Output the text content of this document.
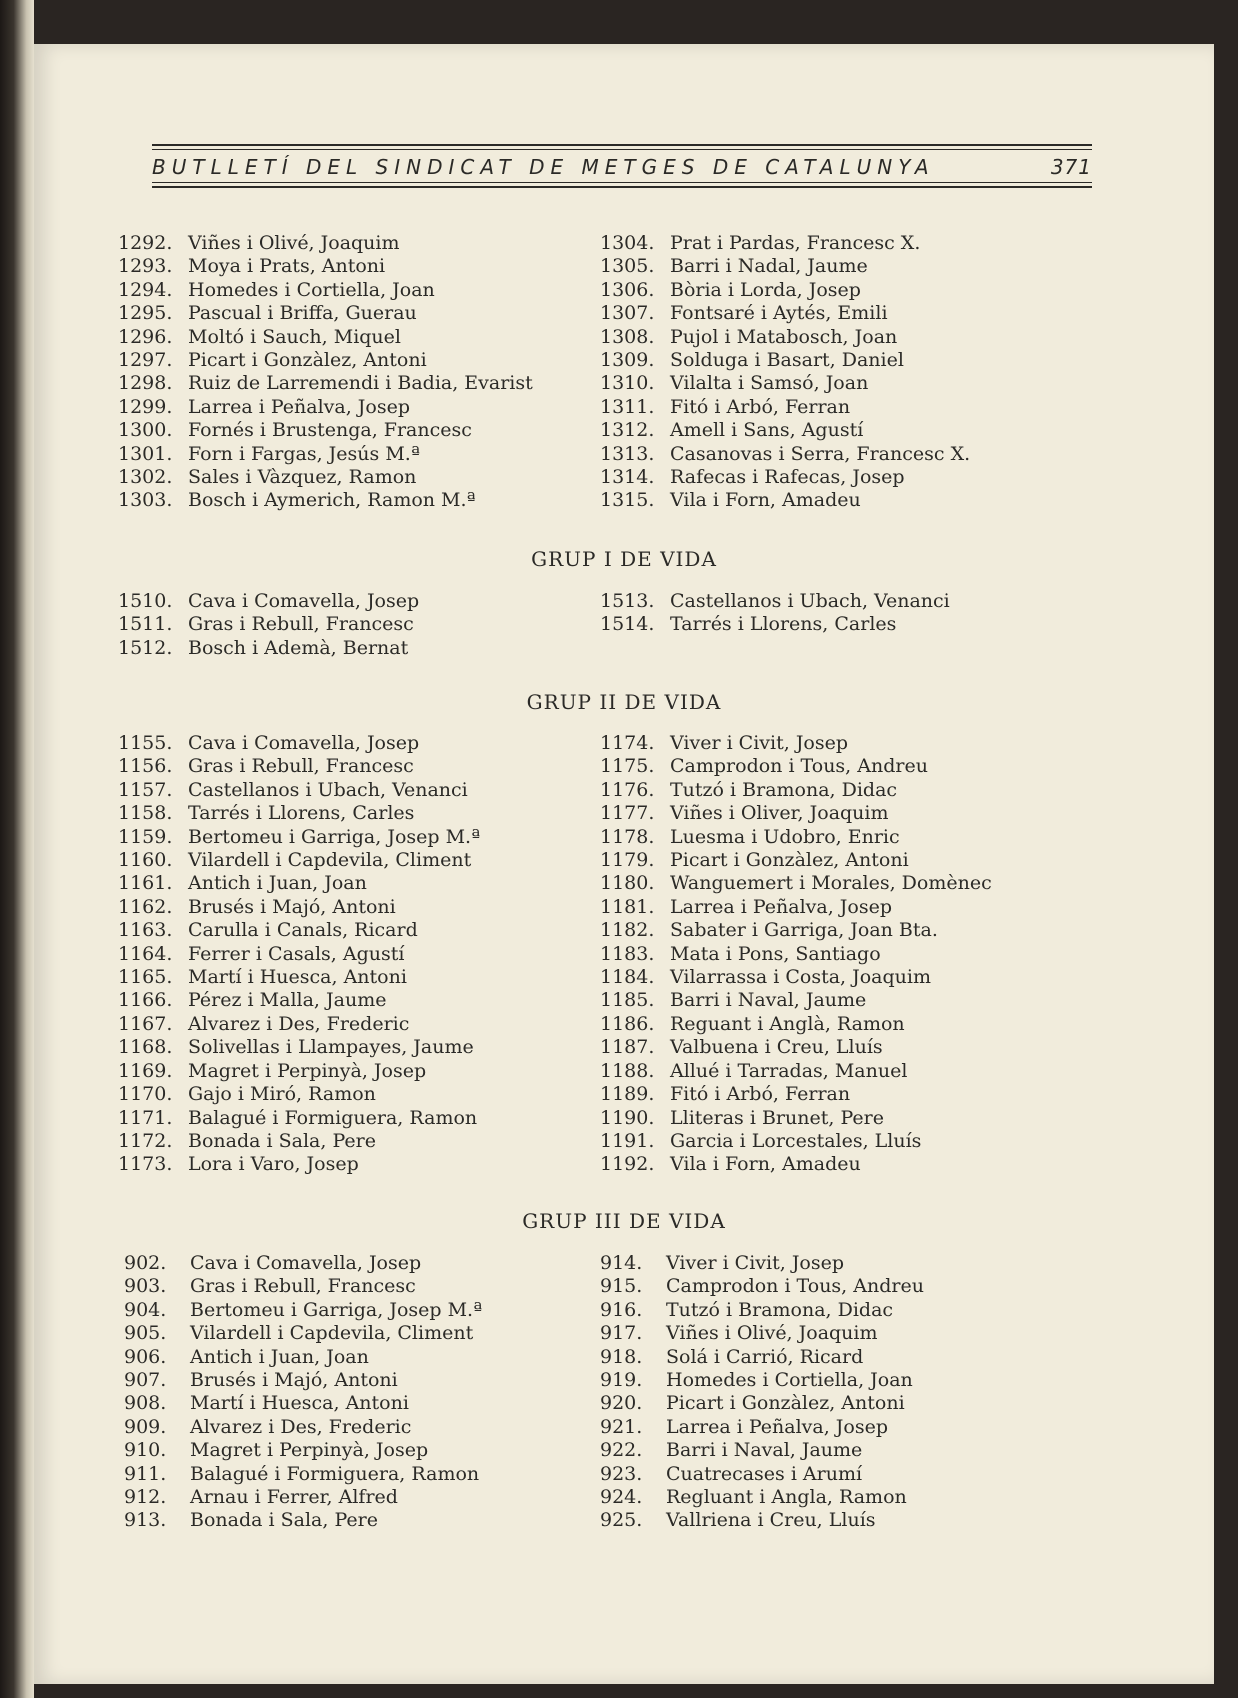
BUTLLETÍ DEL SINDICAT DE METGES DE CATALUNYA	371
1292. Viñes i Olivé, Joaquim
1293. Moya i Prats, Antoni
1294. Homedes i Cortiella, Joan
1295. Pascual i Briffa, Guerau
1296. Moltó i Sauch, Miquel
1297. Picart i Gonzàlez, Antoni
1298. Ruiz de Larremendi i Badia, Evarist
1299. Larrea i Peñalva, Josep
1300. Fornés i Brustenga, Francesc
1301. Forn i Fargas, Jesús M.ª
1302. Sales i Vàzquez, Ramon
1303. Bosch i Aymerich, Ramon M.ª
1304. Prat i Pardas, Francesc X.
1305. Barri i Nadal, Jaume
1306. Bòria i Lorda, Josep
1307. Fontsaré i Aytés, Emili
1308. Pujol i Matabosch, Joan
1309. Solduga i Basart, Daniel
1310. Vilalta i Samsó, Joan
1311. Fitó i Arbó, Ferran
1312. Amell i Sans, Agustí
1313. Casanovas i Serra, Francesc X.
1314. Rafecas i Rafecas, Josep
1315. Vila i Forn, Amadeu
GRUP I DE VIDA
1510. Cava i Comavella, Josep
1511. Gras i Rebull, Francesc
1512. Bosch i Ademà, Bernat
1513. Castellanos i Ubach, Venanci
1514. Tarrés i Llorens, Carles
GRUP II DE VIDA
1155. Cava i Comavella, Josep
1156. Gras i Rebull, Francesc
1157. Castellanos i Ubach, Venanci
1158. Tarrés i Llorens, Carles
1159. Bertomeu i Garriga, Josep M.ª
1160. Vilardell i Capdevila, Climent
1161. Antich i Juan, Joan
1162. Brusés i Majó, Antoni
1163. Carulla i Canals, Ricard
1164. Ferrer i Casals, Agustí
1165. Martí i Huesca, Antoni
1166. Pérez i Malla, Jaume
1167. Alvarez i Des, Frederic
1168. Solivellas i Llampayes, Jaume
1169. Magret i Perpinyà, Josep
1170. Gajo i Miró, Ramon
1171. Balagué i Formiguera, Ramon
1172. Bonada i Sala, Pere
1173. Lora i Varo, Josep
1174. Viver i Civit, Josep
1175. Camprodon i Tous, Andreu
1176. Tutzó i Bramona, Didac
1177. Viñes i Oliver, Joaquim
1178. Luesma i Udobro, Enric
1179. Picart i Gonzàlez, Antoni
1180. Wanguemert i Morales, Domènec
1181. Larrea i Peñalva, Josep
1182. Sabater i Garriga, Joan Bta.
1183. Mata i Pons, Santiago
1184. Vilarrassa i Costa, Joaquim
1185. Barri i Naval, Jaume
1186. Reguant i Anglà, Ramon
1187. Valbuena i Creu, Lluís
1188. Allué i Tarradas, Manuel
1189. Fitó i Arbó, Ferran
1190. Lliteras i Brunet, Pere
1191. Garcia i Lorcestales, Lluís
1192. Vila i Forn, Amadeu
GRUP III DE VIDA
902.	Cava i Comavella, Josep
903.	Gras i Rebull, Francesc
904.	Bertomeu i Garriga, Josep M.ª
905.	Vilardell i Capdevila, Climent
906.	Antich i Juan, Joan
907.	Brusés i Majó, Antoni
908.	Martí i Huesca, Antoni
909.	Alvarez i Des, Frederic
910.	Magret i Perpinyà, Josep
911.	Balagué i Formiguera, Ramon
912.	Arnau i Ferrer, Alfred
913.	Bonada i Sala, Pere
914.	Viver i Civit, Josep
915.	Camprodon i Tous, Andreu
916.	Tutzó i Bramona, Didac
917.	Viñes i Olivé, Joaquim
918.	Solá i Carrió, Ricard
919.	Homedes i Cortiella, Joan
920.	Picart i Gonzàlez, Antoni
921.	Larrea i Peñalva, Josep
922.	Barri i Naval, Jaume
923.	Cuatrecases i Arumí
924.	Regluant i Angla, Ramon
925.	Vallriena i Creu, Lluís
